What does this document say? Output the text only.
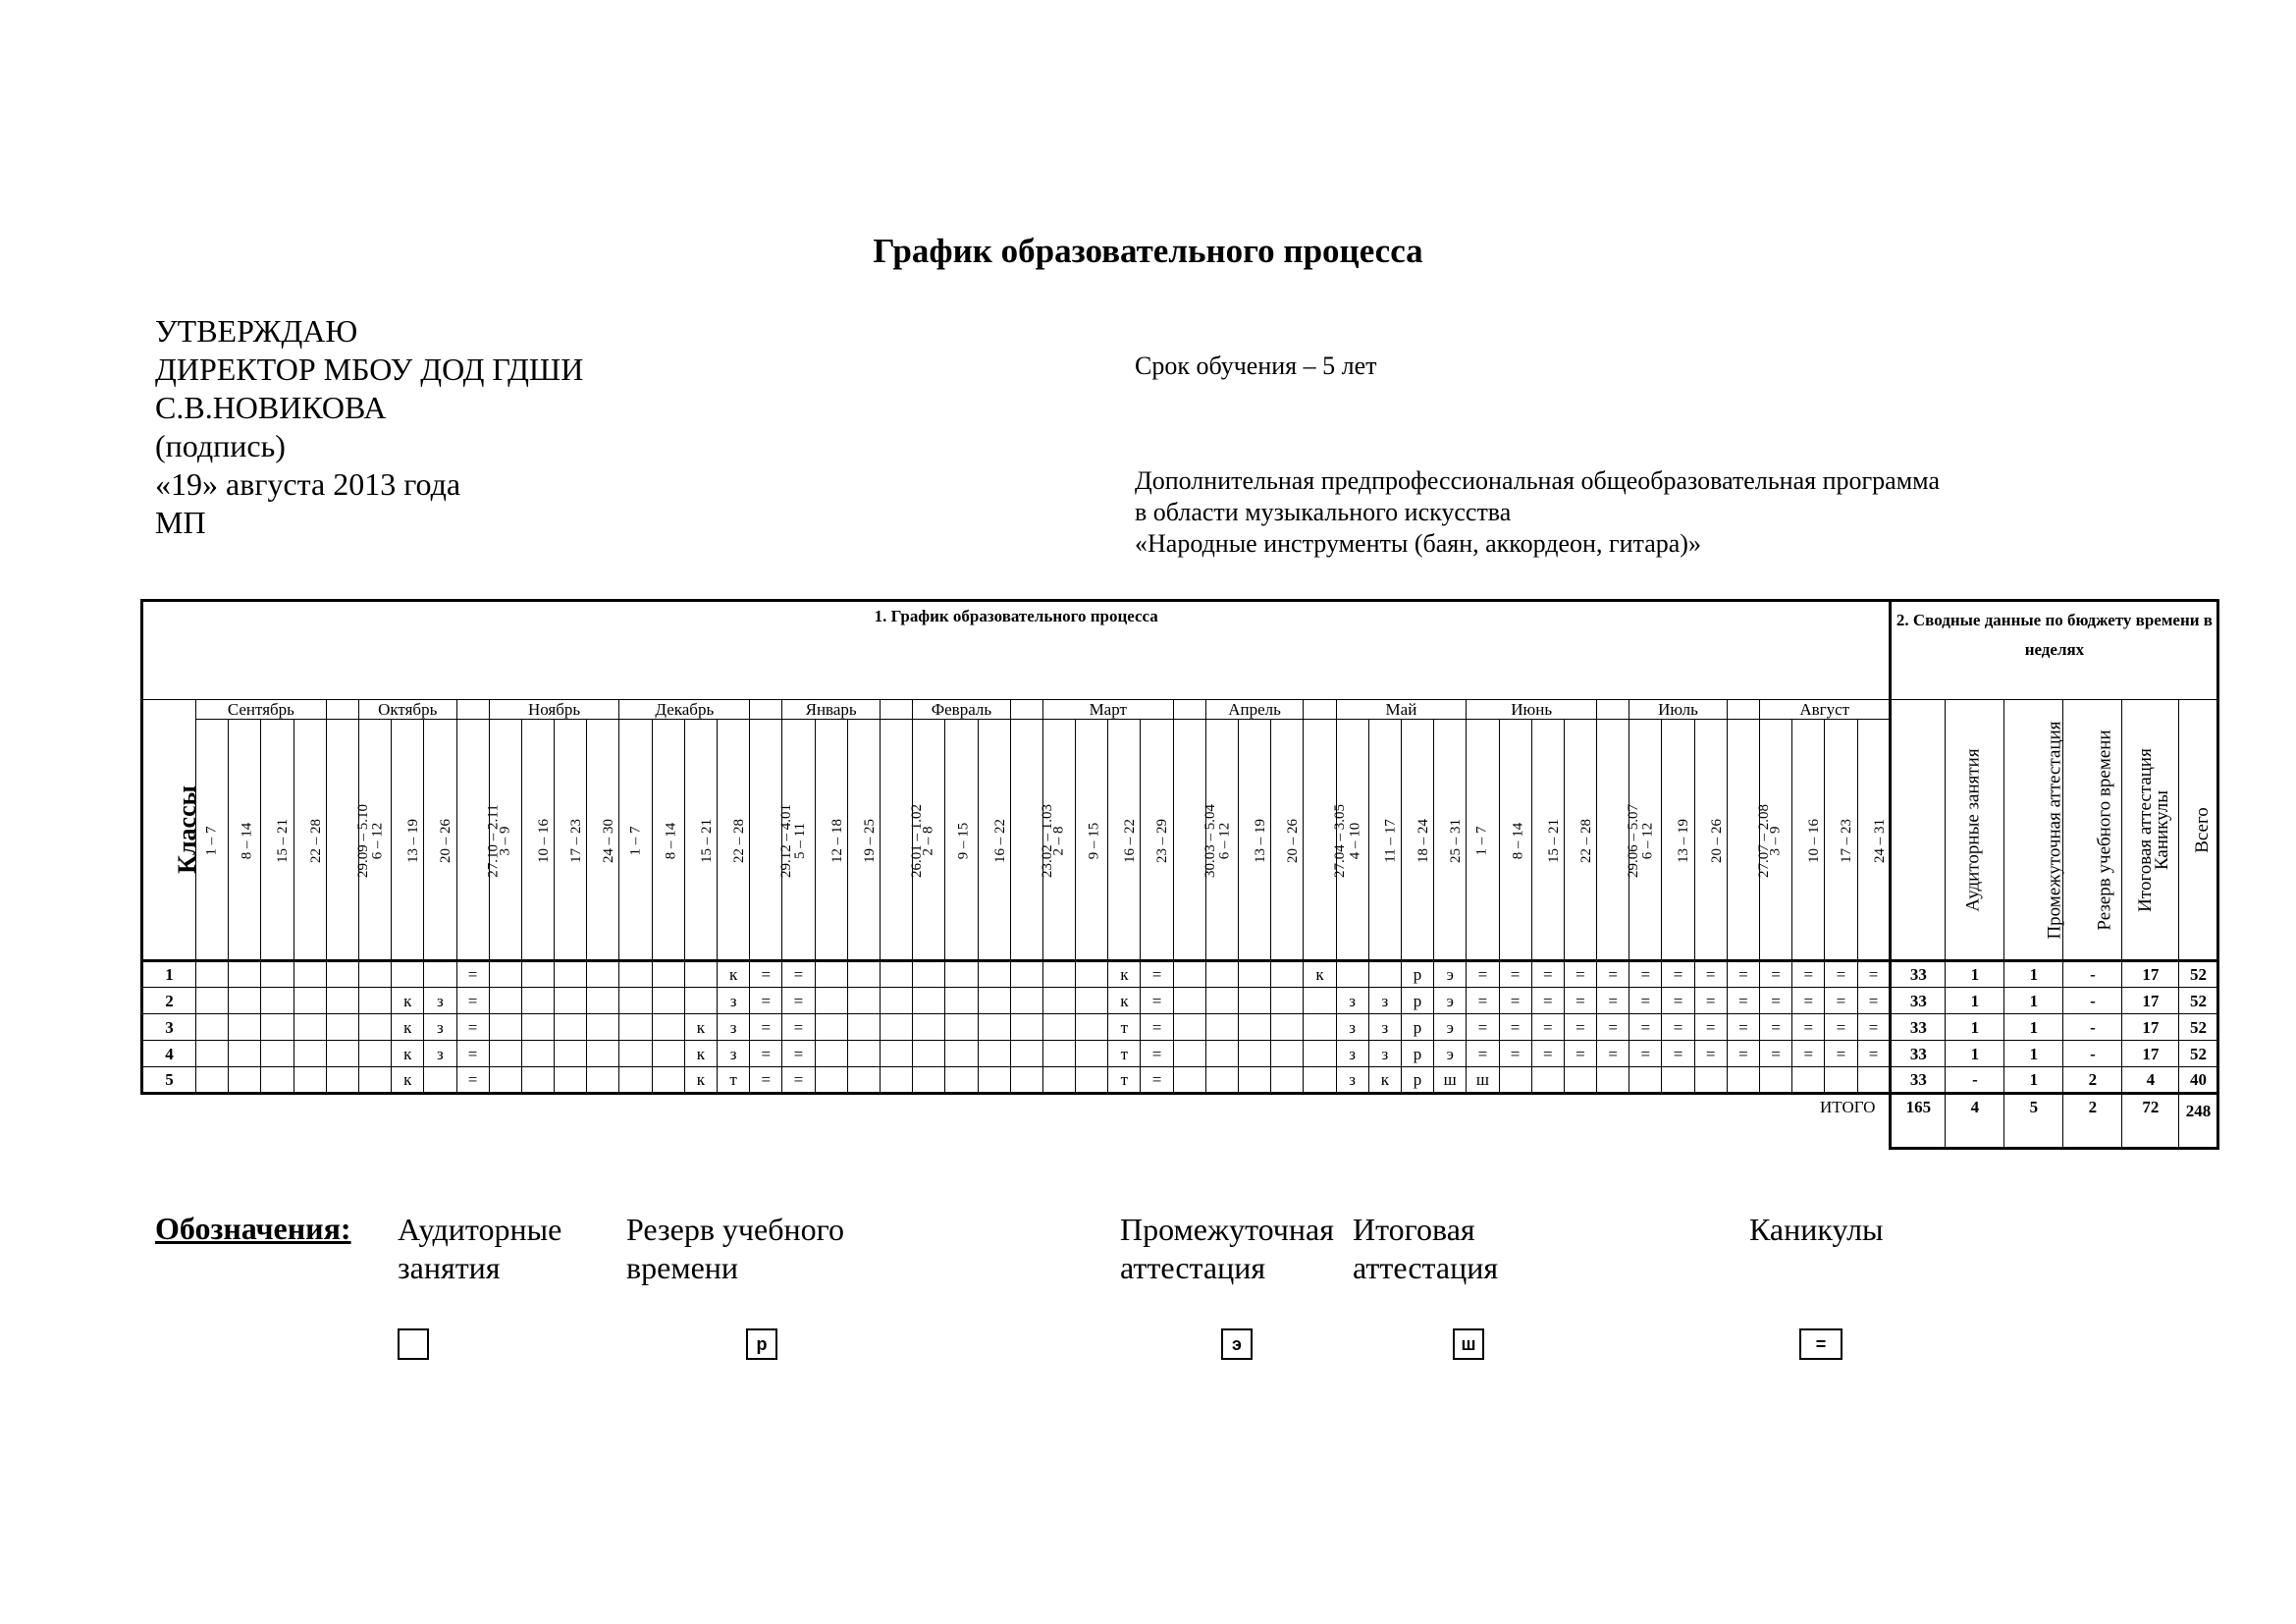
График образовательного процесса
УТВЕРЖДАЮ
ДИРЕКТОР МБОУ ДОД ГДШИ
С.В.НОВИКОВА
(подпись)
«19» августа 2013 года
МП
Срок обучения – 5 лет
Дополнительная предпрофессиональная общеобразовательная программа
в области музыкального искусства
«Народные инструменты (баян, аккордеон, гитара)»
1. График образовательного процесса																																																					2. Сводные данные по бюджету времени в неделях					
Классы	Сентябрь					Октябрь				Ноябрь				Декабрь					Январь				Февраль				Март					Апрель				Май				Июнь					Июль				Август				Аудиторные занятия	Промежуточная аттестация	Резерв учебного времени	Итоговая аттестация	Каникулы	Всего
	1 – 7	8 – 14	15 – 21	22 – 28	29.09 – 5.10	6 – 12	13 – 19	20 – 26	27.10 – 2.11	3 – 9	10 – 16	17 – 23	24 – 30	1 – 7	8 – 14	15 – 21	22 – 28	29.12 – 4.01	5 – 11	12 – 18	19 – 25	26.01 – 1.02	2 – 8	9 – 15	16 – 22	23.02 – 1.03	2 – 8	9 – 15	16 – 22	23 – 29	30.03 – 5.04	6 – 12	13 – 19	20 – 26	27.04 – 3.05	4 – 10	11 – 17	18 – 24	25 – 31	1 – 7	8 – 14	15 – 21	22 – 28	29.06 – 5.07	6 – 12	13 – 19	20 – 26	27.07 – 2.08	3 – 9	10 – 16	17 – 23	24 – 31						
1									=								к	=	=										к	=					к			р	э	=	=	=	=	=	=	=	=	=	=	=	=	=	33	1	1	-	17	52
2							к	з	=								з	=	=										к	=						з	з	р	э	=	=	=	=	=	=	=	=	=	=	=	=	=	33	1	1	-	17	52
3							к	з	=							к	з	=	=										т	=						з	з	р	э	=	=	=	=	=	=	=	=	=	=	=	=	=	33	1	1	-	17	52
4							к	з	=							к	з	=	=										т	=						з	з	р	э	=	=	=	=	=	=	=	=	=	=	=	=	=	33	1	1	-	17	52
5							к		=							к	т	=	=										т	=						з	к	р	ш	ш													33	-	1	2	4	40
ИТОГО																																																					165	4	5	2	72	248
Обозначения: Аудиторные
занятия
Резерв учебного
времени
р
Промежуточная
аттестация
э
Итоговая
аттестация
ш
Каникулы
=
